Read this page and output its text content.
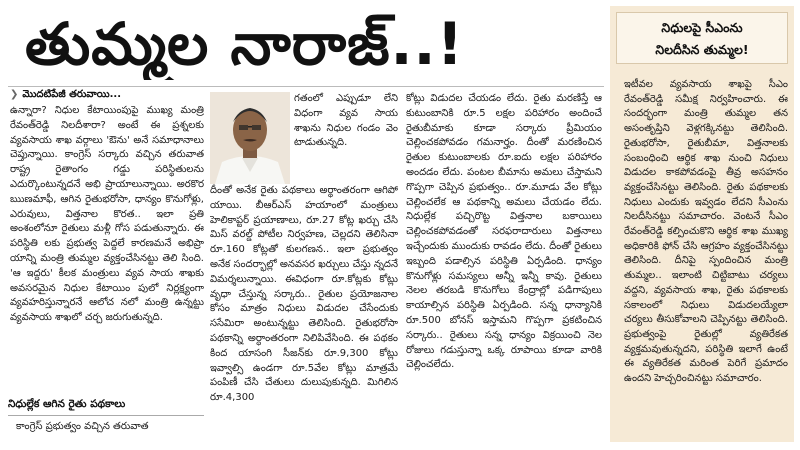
తుమ్మల నారాజ్..!
❯ మొదటిపేజీ తరువాయి...
ఉన్నారా? నిధుల కేటాయింపుపై ముఖ్య మంత్రి రేవంత్‌రెడ్డి నిలదీశారా? అంటే ఈ ప్రశ్నలకు వ్యవసాయ శాఖ వర్గాలు 'ఔను' అనే సమాధానాలు చెప్తున్నాయి. కాంగ్రెస్ సర్కారు వచ్చిన తరువాత రాష్ట్ర రైతాంగం గడ్డు పరిస్థితులను ఎదుర్కొంటున్నదనే అభి ప్రాయాలున్నాయి. అరకొర ఋణమాఫీ, ఆగిన రైతుభరోసా, ధాన్యం కొనుగోళ్లు, ఎరువులు, విత్తనాల కొరత.. ఇలా ప్రతి అంశంలోనూ రైతులు మళ్లీ గోస పడుతున్నారు. ఈ పరిస్థితి లకు ప్రభుత్వ పెద్దలే కారణమనే అభిప్రా యాన్ని మంత్రి తుమ్మల వ్యక్తంచేసినట్టు తెలి సింది. 'ఆ ఇద్దరు' కీలక మంత్రులు వ్యవ సాయ శాఖకు అవసరమైన నిధుల కేటాయిం పులో నిర్లక్ష్యంగా వ్యవహరిస్తున్నారనే ఆలోచ నలో మంత్రి ఉన్నట్టు వ్యవసాయ శాఖలో చర్చ జరుగుతున్నది.
నిధుల్లేక ఆగిన రైతు పథకాలు
కాంగ్రెస్ ప్రభుత్వం వచ్చిన తరువాత
గతంలో ఎప్పుడూ లేని విధంగా వ్యవ సాయ శాఖను నిధుల గండం వెం టాడుతున్నది.
దీంతో అనేక రైతు పథకాలు అర్థాంతరంగా ఆగిపో యాయి. బీఆర్ఎస్ హయాంలో మంత్రులు హెలికాప్టర్ ప్రయాణాలు, రూ.27 కోట్ల ఖర్చు చేసి మిస్ వరల్డ్ పోటీల నిర్వహణ, చెల్లదని తెలిసినా రూ.160 కోట్లతో కులగణన.. ఇలా ప్రభుత్వం అనేక సందర్భాల్లో అనవసర ఖర్చులు చేస్తు న్నదనే విమర్శలున్నాయి. ఈవిధంగా రూ.కోట్లకు కోట్లు వృధా చేస్తున్న సర్కారు.. రైతుల ప్రయోజనాల కోసం మాత్రం నిధులు విడుదల చేసేందుకు ససేమిరా అంటున్నట్టు తెలిసింది. రైతుభరోసా పథకాన్ని అర్ధాంతరంగా నిలిపివేసింది. ఈ పథకం కింద యాసంగి సీజన్‌కు రూ.9,300 కోట్లు ఇవ్వాల్సి ఉండగా రూ.5వేల కోట్లు మాత్రమే పంపిణీ చేసి చేతులు దులుపుకున్నది. మిగిలిన రూ.4,300
కోట్లు విడుదల చేయడం లేదు. రైతు మరణిస్తే ఆ కుటుంబానికి రూ.5 లక్షల పరిహారం అందించే రైతుబీమాకు కూడా సర్కారు ప్రీమియం చెల్లించకపోవడం గమనార్హం. దీంతో మరణించిన రైతుల కుటుంబాలకు రూ.ఐదు లక్షల పరిహారం అందడం లేదు. పంటల బీమాను అమలు చేస్తామని గొప్పగా చెప్పిన ప్రభుత్వం.. రూ.మూడు వేల కోట్లు చెల్లించలేక ఆ పథకాన్ని అమలు చేయడం లేదు. నిధుల్లేక పచ్చిరొట్ట విత్తనాల బకాయిలు చెల్లించకపోవడంతో సరఫరాదారులు విత్తనాలు ఇచ్చేందుకు ముందుకు రావడం లేదు. దీంతో రైతులు ఇబ్బంది పడాల్సిన పరిస్థితి ఏర్పడింది. ధాన్యం కొనుగోళ్లు సమస్యలు అన్నీ ఇన్నీ కావు. రైతులు నెలల తరబడి కొనుగోలు కేంద్రాల్లో పడిగాపులు కాయాల్సిన పరిస్థితి ఏర్పడింది. సన్న ధాన్యానికి రూ.500 బోనస్ ఇస్తామని గొప్పగా ప్రకటించిన సర్కారు.. రైతులు సన్న ధాన్యం విక్రయించి నెల రోజులు గడుస్తున్నా ఒక్క రూపాయి కూడా వారికి చెల్లించలేదు.
నిధులపై సీఎంను
నిలదీసిన తుమ్మల!
ఇటీవల వ్యవసాయ శాఖపై సీఎం రేవంత్‌రెడ్డి సమీక్ష నిర్వహించారు. ఈ సందర్భంగా మంత్రి తుమ్మల తన అసంతృప్తిని వెళ్లగక్కినట్టు తెలిసింది. రైతుభరోసా, రైతుబీమా, విత్తనాలకు సంబంధించి ఆర్థిక శాఖ నుంచి నిధులు విడుదల కాకపోవడంపై తీవ్ర అసహనం వ్యక్తంచేసినట్టు తెలిసింది. రైతు పథకాలకు నిధులు ఎందుకు ఇవ్వడం లేదని సీఎంను నిలదీసినట్టు సమాచారం. వెంటనే సీఎం రేవంత్‌రెడ్డి కల్పించుకొని ఆర్థిక శాఖ ముఖ్య అధికారికి ఫోన్ చేసి ఆగ్రహం వ్యక్తంచేసినట్టు తెలిసింది. దీనిపై స్పందించిన మంత్రి తుమ్మల.. ఇలాంటి చిట్టిబాటు చర్యలు వద్దని, వ్యవసాయ శాఖ, రైతు పథకాలకు సకాలంలో నిధులు విడుదలయ్యేలా చర్యలు తీసుకోవాలని చెప్పినట్టు తెలిసింది. ప్రభుత్వంపై రైతుల్లో వ్యతిరేకత వ్యక్తమవుతున్నదని, పరిస్థితి ఇలాగే ఉంటే ఈ వ్యతిరేకత మరింత పెరిగే ప్రమాదం ఉందని హెచ్చరించినట్టు సమాచారం.
